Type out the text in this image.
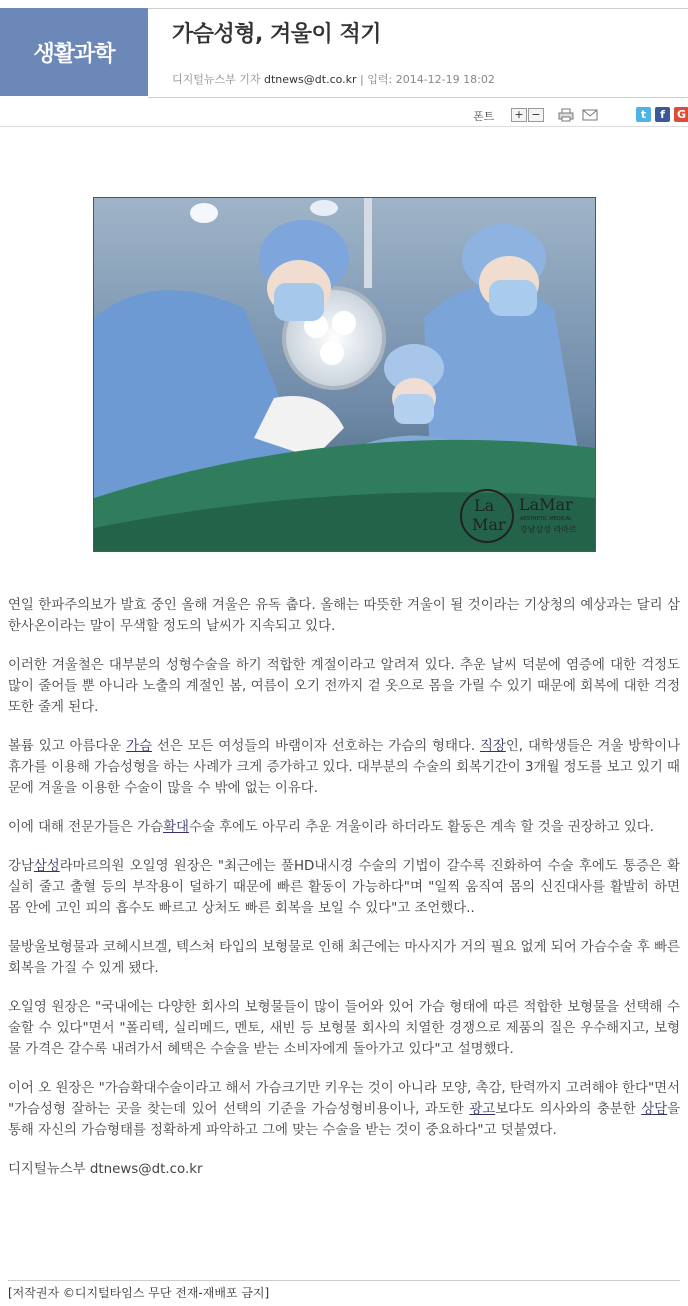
생활과학
가슴성형, 겨울이 적기
디지털뉴스부 기자 dtnews@dt.co.kr | 입력: 2014-12-19 18:02
폰트	+ −	t	f	G
La
Mar
LaMar
AESTHETIC MEDICAL
강남삼성 라마르

연일 한파주의보가 발효 중인 올해 겨울은 유독 춥다. 올해는 따뜻한 겨울이 될 것이라는 기상청의 예상과는 달리 삼한사온이라는 말이 무색할 정도의 날씨가 지속되고 있다.

이러한 겨울철은 대부분의 성형수술을 하기 적합한 계절이라고 알려져 있다. 추운 날씨 덕분에 염증에 대한 걱정도 많이 줄어들 뿐 아니라 노출의 계절인 봄, 여름이 오기 전까지 겉 옷으로 몸을 가릴 수 있기 때문에 회복에 대한 걱정 또한 줄게 된다.

볼륨 있고 아름다운 가슴 선은 모든 여성들의 바램이자 선호하는 가슴의 형태다. 직장인, 대학생들은 겨울 방학이나 휴가를 이용해 가슴성형을 하는 사례가 크게 증가하고 있다. 대부분의 수술의 회복기간이 3개월 정도를 보고 있기 때문에 겨울을 이용한 수술이 많을 수 밖에 없는 이유다.

이에 대해 전문가들은 가슴확대수술 후에도 아무리 추운 겨울이라 하더라도 활동은 계속 할 것을 권장하고 있다.

강남삼성라마르의원 오일영 원장은 "최근에는 풀HD내시경 수술의 기법이 갈수록 진화하여 수술 후에도 통증은 확실히 줄고 출혈 등의 부작용이 덜하기 때문에 빠른 활동이 가능하다"며 "일찍 움직여 몸의 신진대사를 활발히 하면 몸 안에 고인 피의 흡수도 빠르고 상처도 빠른 회복을 보일 수 있다"고 조언했다..

물방울보형물과 코헤시브겔, 텍스쳐 타입의 보형물로 인해 최근에는 마사지가 거의 필요 없게 되어 가슴수술 후 빠른 회복을 가질 수 있게 됐다.

오일영 원장은 "국내에는 다양한 회사의 보형물들이 많이 들어와 있어 가슴 형태에 따른 적합한 보형물을 선택해 수술할 수 있다"면서 "폴리텍, 실리메드, 멘토, 새빈 등 보형물 회사의 치열한 경쟁으로 제품의 질은 우수해지고, 보형물 가격은 갈수록 내려가서 혜택은 수술을 받는 소비자에게 돌아가고 있다"고 설명했다.

이어 오 원장은 "가슴확대수술이라고 해서 가슴크기만 키우는 것이 아니라 모양, 촉감, 탄력까지 고려해야 한다"면서 "가슴성형 잘하는 곳을 찾는데 있어 선택의 기준을 가슴성형비용이나, 과도한 광고보다도 의사와의 충분한 상담을 통해 자신의 가슴형태를 정확하게 파악하고 그에 맞는 수술을 받는 것이 중요하다"고 덧붙였다.

디지털뉴스부 dtnews@dt.co.kr

[저작권자 ©디지털타임스 무단 전재-재배포 금지]
